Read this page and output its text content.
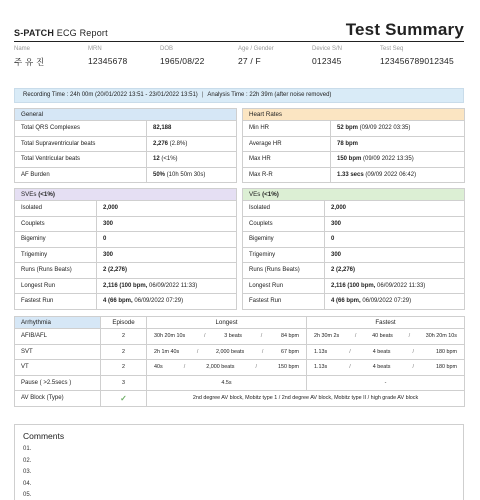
S-PATCH ECG Report	Test Summary
Name
주 유 진
MRN
12345678
DOB
1965/08/22
Age / Gender
27 / F
Device S/N
012345
Test Seq
123456789012345
Recording Time : 24h 00m (20/01/2022 13:51 - 23/01/2022 13:51) | Analysis Time : 22h 39m (after noise removed)
General	
Total QRS Complexes	82,188
Total Supraventricular beats	2,276 (2.8%)
Total Ventricular beats	12 (<1%)
AF Burden	50% (10h 50m 30s)
Heart Rates	
Min HR	52 bpm (09/09 2022 03:35)
Average HR	78 bpm
Max HR	150 bpm (09/09 2022 13:35)
Max R-R	1.33 secs (09/09 2022 06:42)
SVEs (<1%)	
Isolated	2,000
Couplets	300
Bigeminy	0
Trigeminy	300
Runs (Runs Beats)	2 (2,276)
Longest Run	2,116 (100 bpm, 06/09/2022 11:33)
Fastest Run	4 (66 bpm, 06/09/2022 07:29)
VEs (<1%)	
Isolated	2,000
Couplets	300
Bigeminy	0
Trigeminy	300
Runs (Runs Beats)	2 (2,276)
Longest Run	2,116 (100 bpm, 06/09/2022 11:33)
Fastest Run	4 (66 bpm, 06/09/2022 07:29)
Arrhythmia	Episode	Longest	Fastest
AFIB/AFL	2	30h 20m 10s / 3 beats / 84 bpm	2h 30m 2s / 40 beats / 30h 20m 10s

SVT	2	2h 1m 40s / 2,000 beats / 67 bpm	1.13s / 4 beats / 180 bpm

VT	2	40s / 2,000 beats / 150 bpm	1.13s / 4 beats / 180 bpm

Pause ( >2.5secs )	3	4.5s	-
AV Block (Type)	✓	2nd degree AV block, Mobitz type 1 / 2nd degree AV block, Mobitz type II / high grade AV block	
Comments
01.
02.
03.
04.
05.
